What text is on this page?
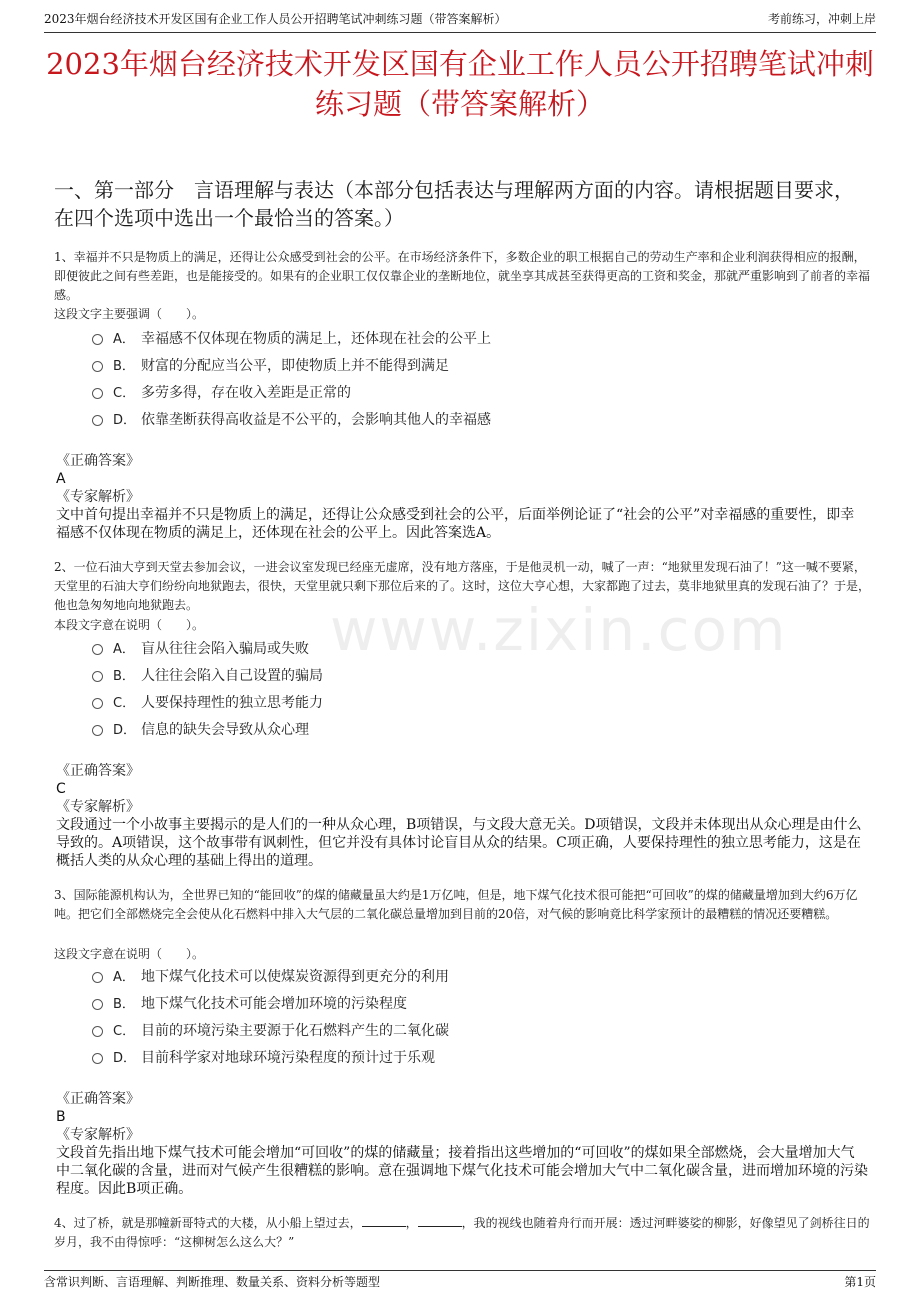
2023年烟台经济技术开发区国有企业工作人员公开招聘笔试冲刺练习题（带答案解析）	考前练习，冲刺上岸
2023年烟台经济技术开发区国有企业工作人员公开招聘笔试冲刺练习题（带答案解析）
一、第一部分　言语理解与表达（本部分包括表达与理解两方面的内容。请根据题目要求，在四个选项中选出一个最恰当的答案。）
www.zixin.com

1、幸福并不只是物质上的满足，还得让公众感受到社会的公平。在市场经济条件下，多数企业的职工根据自己的劳动生产率和企业利润获得相应的报酬，即便彼此之间有些差距，也是能接受的。如果有的企业职工仅仅靠企业的垄断地位，就坐享其成甚至获得更高的工资和奖金，那就严重影响到了前者的幸福感。

这段文字主要强调（　　）。
A． 幸福感不仅体现在物质的满足上，还体现在社会的公平上
B． 财富的分配应当公平，即使物质上并不能得到满足
C． 多劳多得，存在收入差距是正常的
D． 依靠垄断获得高收益是不公平的，会影响其他人的幸福感
《正确答案》
A
《专家解析》

文中首句提出幸福并不只是物质上的满足，还得让公众感受到社会的公平，后面举例论证了“社会的公平”对幸福感的重要性，即幸福感不仅体现在物质的满足上，还体现在社会的公平上。因此答案选A。

2、一位石油大亨到天堂去参加会议，一进会议室发现已经座无虚席，没有地方落座，于是他灵机一动，喊了一声：“地狱里发现石油了！”这一喊不要紧，天堂里的石油大亨们纷纷向地狱跑去，很快，天堂里就只剩下那位后来的了。这时，这位大亨心想，大家都跑了过去，莫非地狱里真的发现石油了？于是，他也急匆匆地向地狱跑去。

本段文字意在说明（　　）。
A． 盲从往往会陷入骗局或失败
B． 人往往会陷入自己设置的骗局
C． 人要保持理性的独立思考能力
D． 信息的缺失会导致从众心理
《正确答案》
C
《专家解析》

文段通过一个小故事主要揭示的是人们的一种从众心理，B项错误，与文段大意无关。D项错误，文段并未体现出从众心理是由什么导致的。A项错误，这个故事带有讽刺性，但它并没有具体讨论盲目从众的结果。C项正确，人要保持理性的独立思考能力，这是在概括人类的从众心理的基础上得出的道理。

3、国际能源机构认为，全世界已知的“能回收”的煤的储藏量虽大约是1万亿吨，但是，地下煤气化技术很可能把“可回收”的煤的储藏量增加到大约6万亿吨。把它们全部燃烧完全会使从化石燃料中排入大气层的二氧化碳总量增加到目前的20倍，对气候的影响竟比科学家预计的最糟糕的情况还要糟糕。

这段文字意在说明（　　）。
A． 地下煤气化技术可以使煤炭资源得到更充分的利用
B． 地下煤气化技术可能会增加环境的污染程度
C． 目前的环境污染主要源于化石燃料产生的二氧化碳
D． 目前科学家对地球环境污染程度的预计过于乐观
《正确答案》
B
《专家解析》

文段首先指出地下煤气技术可能会增加“可回收”的煤的储藏量；接着指出这些增加的“可回收”的煤如果全部燃烧，会大量增加大气中二氧化碳的含量，进而对气候产生很糟糕的影响。意在强调地下煤气化技术可能会增加大气中二氧化碳含量，进而增加环境的污染程度。因此B项正确。

4、过了桥，就是那幢新哥特式的大楼，从小船上望过去，	，	，我的视线也随着舟行而开展：透过河畔婆娑的柳影，好像望见了剑桥往日的岁月，我不由得惊呼：“这柳树怎么这么大？”

含常识判断、言语理解、判断推理、数量关系、资料分析等题型	第1页
